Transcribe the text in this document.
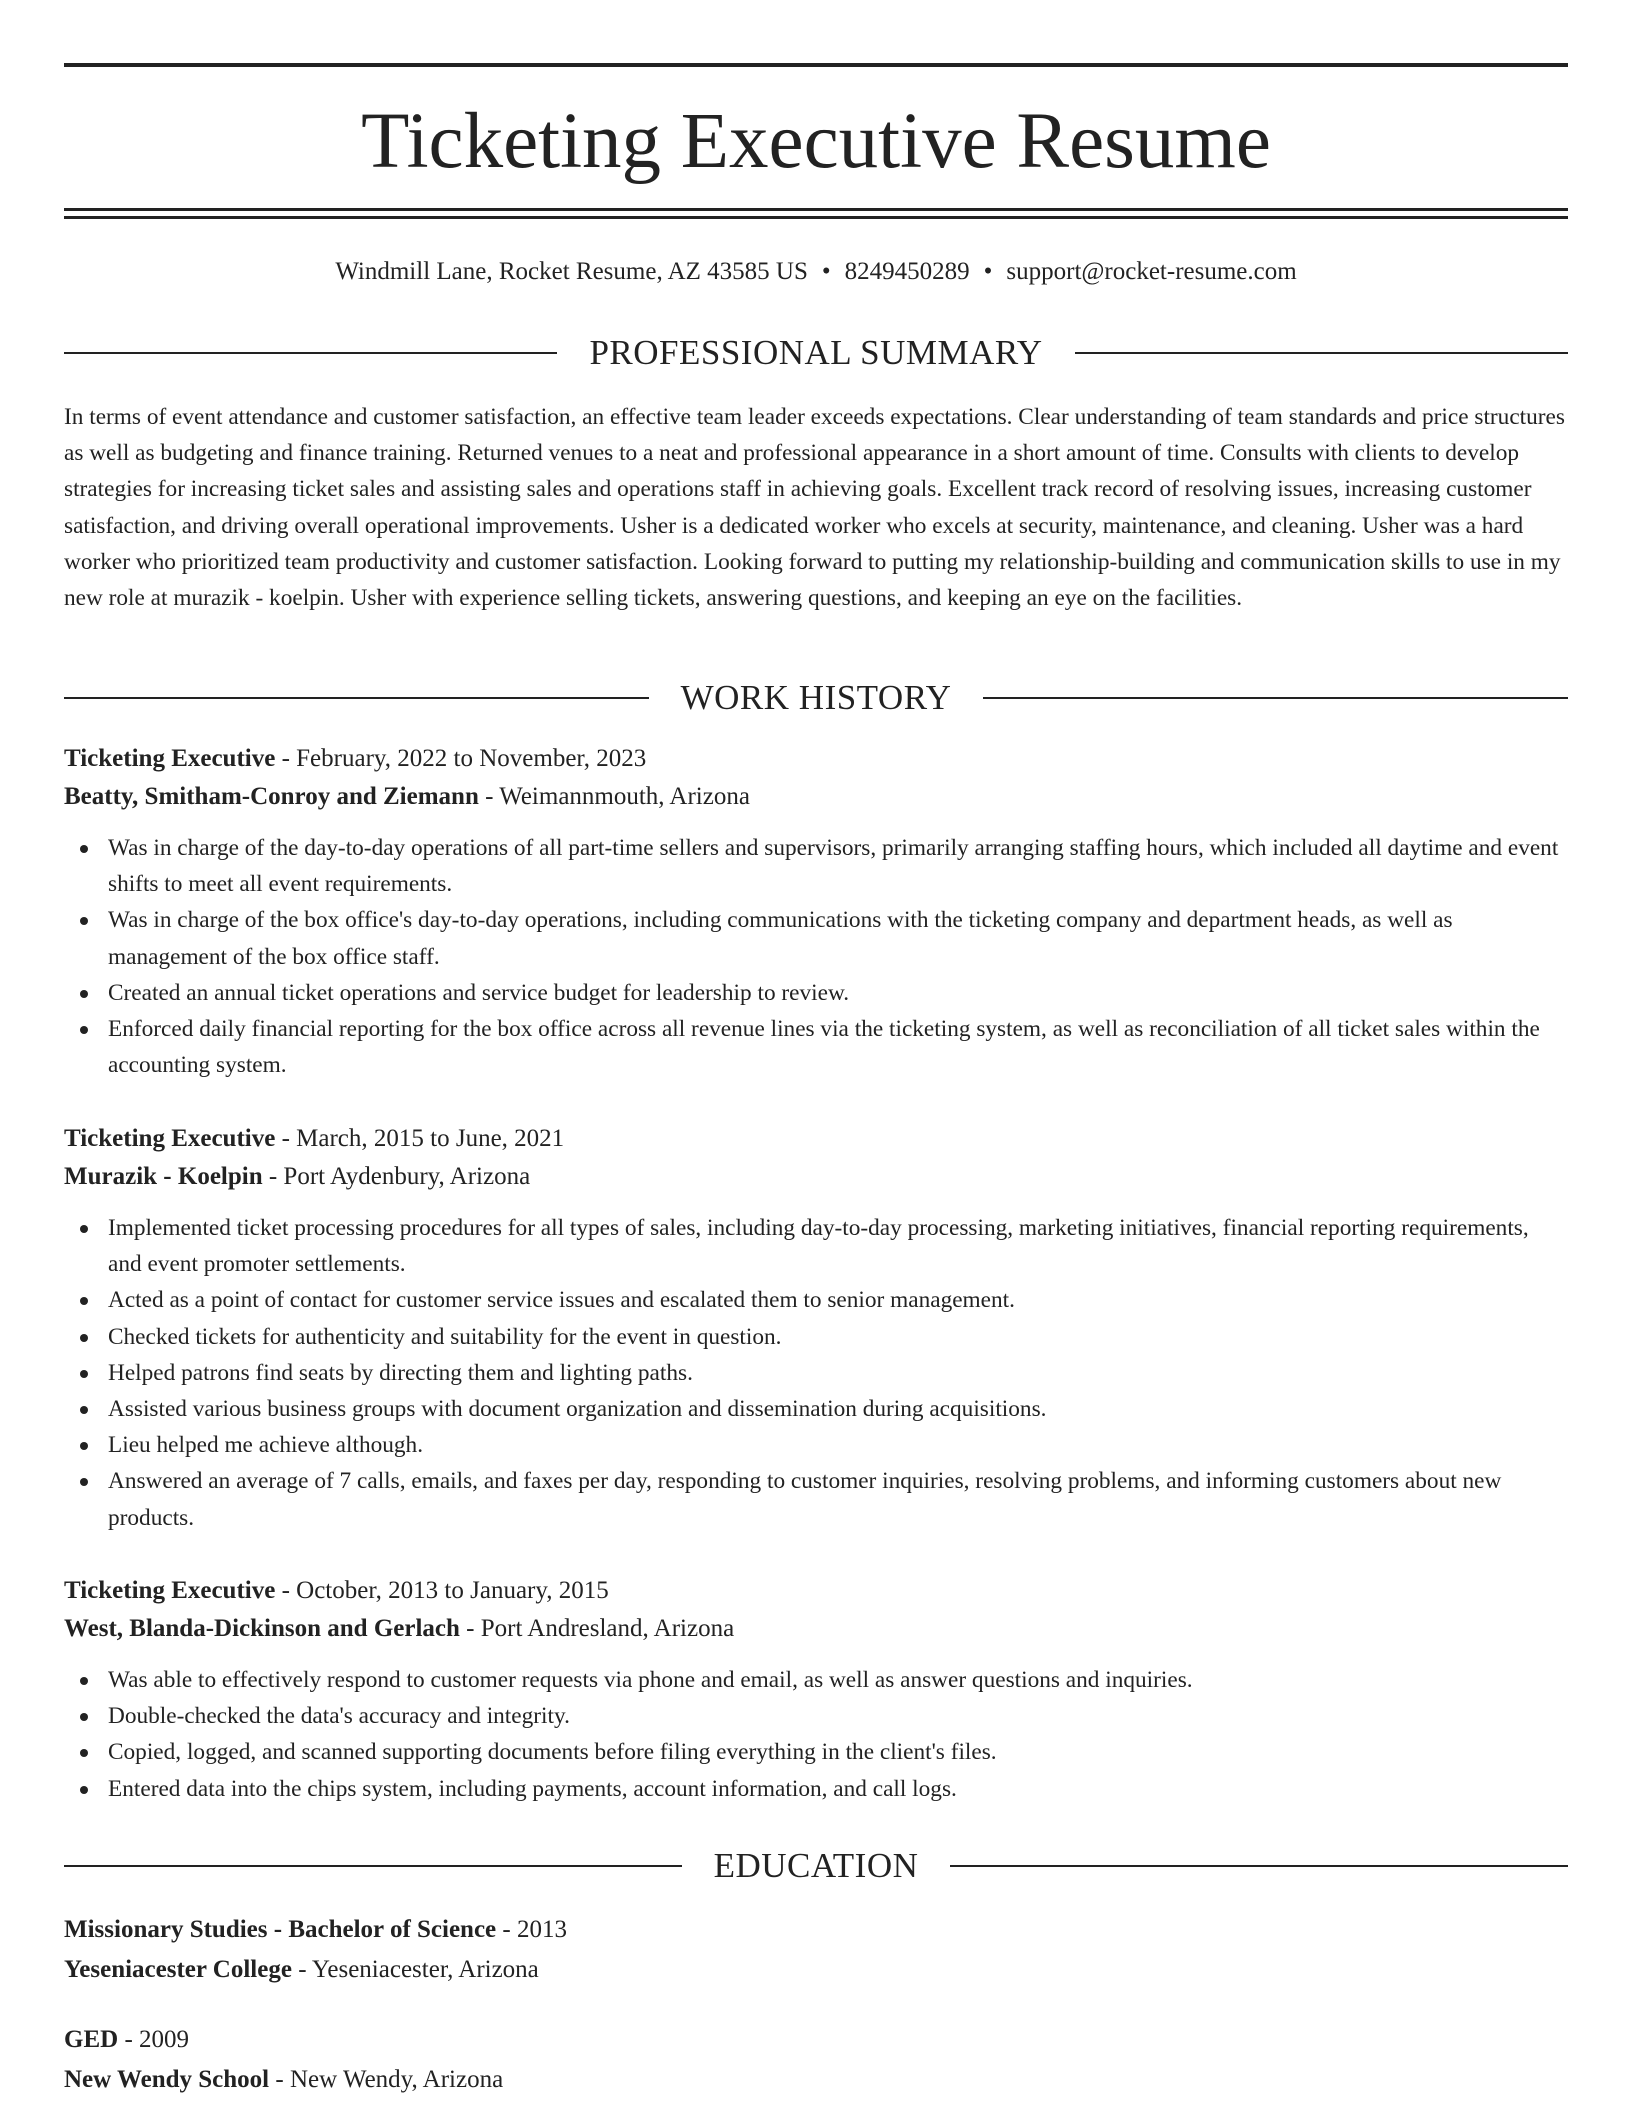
Ticketing Executive Resume
Windmill Lane, Rocket Resume, AZ 43585 US • 8249450289 • support@rocket-resume.com
PROFESSIONAL SUMMARY

In terms of event attendance and customer satisfaction, an effective team leader exceeds expectations. Clear understanding of team standards and price structures as well as budgeting and finance training. Returned venues to a neat and professional appearance in a short amount of time. Consults with clients to develop strategies for increasing ticket sales and assisting sales and operations staff in achieving goals. Excellent track record of resolving issues, increasing customer satisfaction, and driving overall operational improvements. Usher is a dedicated worker who excels at security, maintenance, and cleaning. Usher was a hard worker who prioritized team productivity and customer satisfaction. Looking forward to putting my relationship-building and communication skills to use in my new role at murazik - koelpin. Usher with experience selling tickets, answering questions, and keeping an eye on the facilities.

WORK HISTORY
Ticketing Executive - February, 2022 to November, 2023
Beatty, Smitham-Conroy and Ziemann - Weimannmouth, Arizona
Was in charge of the day-to-day operations of all part-time sellers and supervisors, primarily arranging staffing hours, which included all daytime and event shifts to meet all event requirements.
Was in charge of the box office's day-to-day operations, including communications with the ticketing company and department heads, as well as management of the box office staff.
Created an annual ticket operations and service budget for leadership to review.
Enforced daily financial reporting for the box office across all revenue lines via the ticketing system, as well as reconciliation of all ticket sales within the accounting system.
Ticketing Executive - March, 2015 to June, 2021
Murazik - Koelpin - Port Aydenbury, Arizona
Implemented ticket processing procedures for all types of sales, including day-to-day processing, marketing initiatives, financial reporting requirements, and event promoter settlements.
Acted as a point of contact for customer service issues and escalated them to senior management.
Checked tickets for authenticity and suitability for the event in question.
Helped patrons find seats by directing them and lighting paths.
Assisted various business groups with document organization and dissemination during acquisitions.
Lieu helped me achieve although.
Answered an average of 7 calls, emails, and faxes per day, responding to customer inquiries, resolving problems, and informing customers about new products.
Ticketing Executive - October, 2013 to January, 2015
West, Blanda-Dickinson and Gerlach - Port Andresland, Arizona
Was able to effectively respond to customer requests via phone and email, as well as answer questions and inquiries.
Double-checked the data's accuracy and integrity.
Copied, logged, and scanned supporting documents before filing everything in the client's files.
Entered data into the chips system, including payments, account information, and call logs.
EDUCATION
Missionary Studies - Bachelor of Science - 2013
Yeseniacester College - Yeseniacester, Arizona
GED - 2009
New Wendy School - New Wendy, Arizona
